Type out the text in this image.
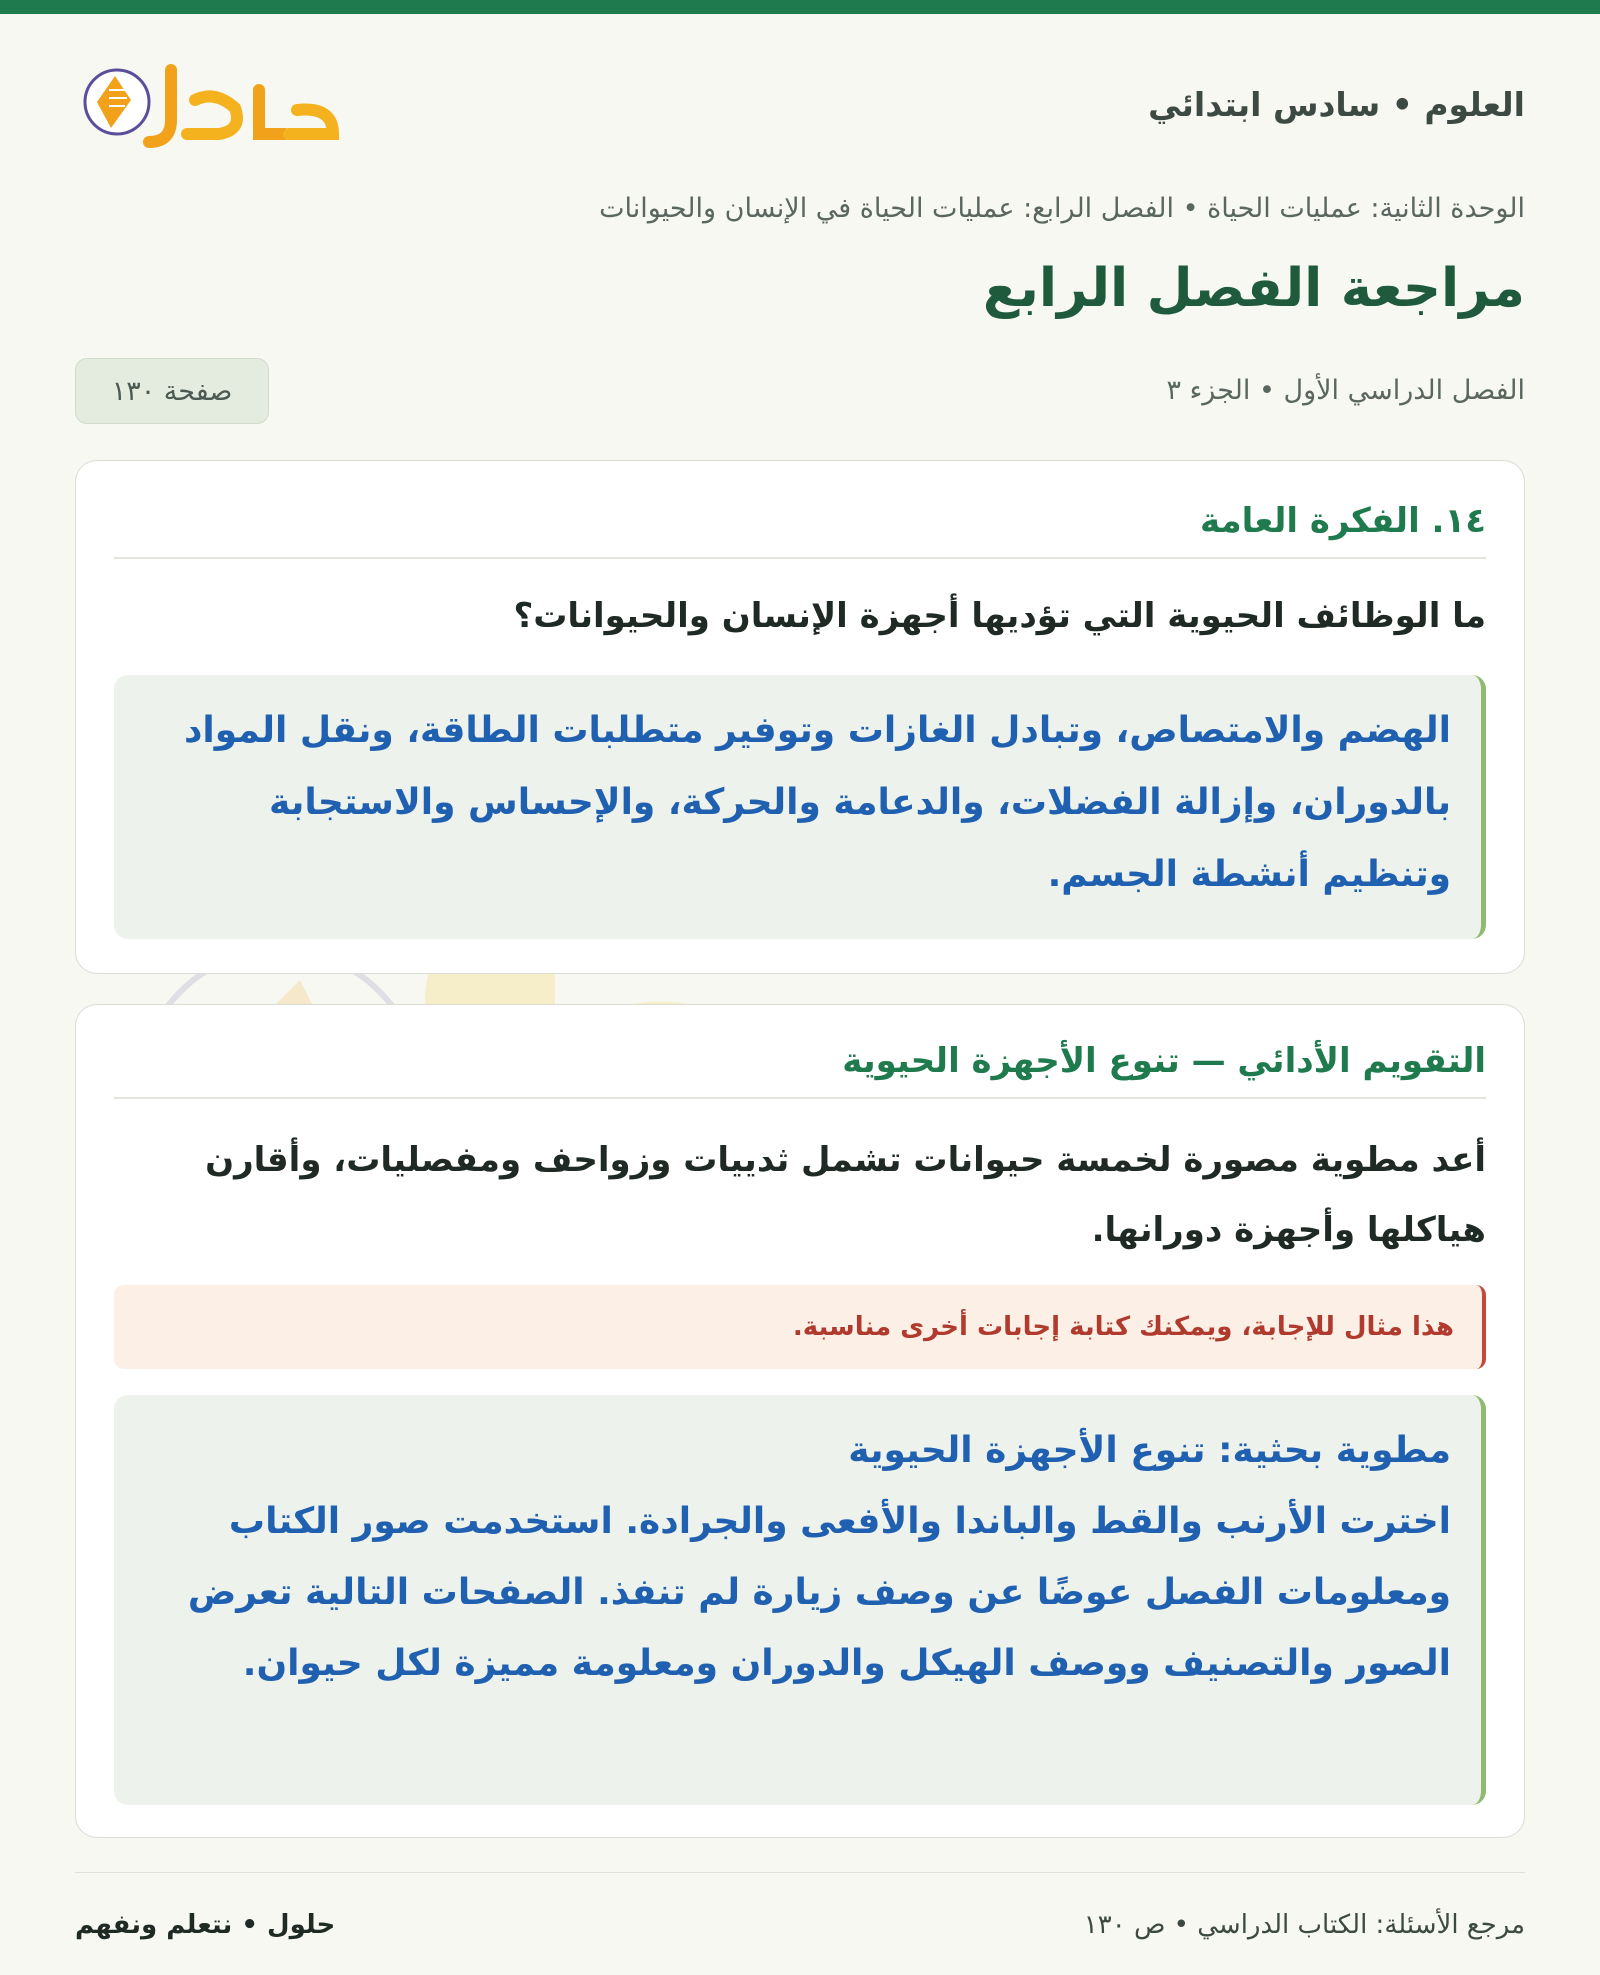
العلوم • سادس ابتدائي
الوحدة الثانية: عمليات الحياة • الفصل الرابع: عمليات الحياة في الإنسان والحيوانات
مراجعة الفصل الرابع
الفصل الدراسي الأول • الجزء ٣
صفحة ١٣٠
١٤. الفكرة العامة
ما الوظائف الحيوية التي تؤديها أجهزة الإنسان والحيوانات؟
الهضم والامتصاص، وتبادل الغازات وتوفير متطلبات الطاقة، ونقل المواد بالدوران، وإزالة الفضلات، والدعامة والحركة، والإحساس والاستجابة وتنظيم أنشطة الجسم.
التقويم الأدائي — تنوع الأجهزة الحيوية
أعد مطوية مصورة لخمسة حيوانات تشمل ثدييات وزواحف ومفصليات، وأقارن هياكلها وأجهزة دورانها.
هذا مثال للإجابة، ويمكنك كتابة إجابات أخرى مناسبة.
مطوية بحثية: تنوع الأجهزة الحيوية
اخترت الأرنب والقط والباندا والأفعى والجرادة. استخدمت صور الكتاب ومعلومات الفصل عوضًا عن وصف زيارة لم تنفذ. الصفحات التالية تعرض الصور والتصنيف ووصف الهيكل والدوران ومعلومة مميزة لكل حيوان.
مرجع الأسئلة: الكتاب الدراسي • ص ١٣٠
حلول • نتعلم ونفهم
